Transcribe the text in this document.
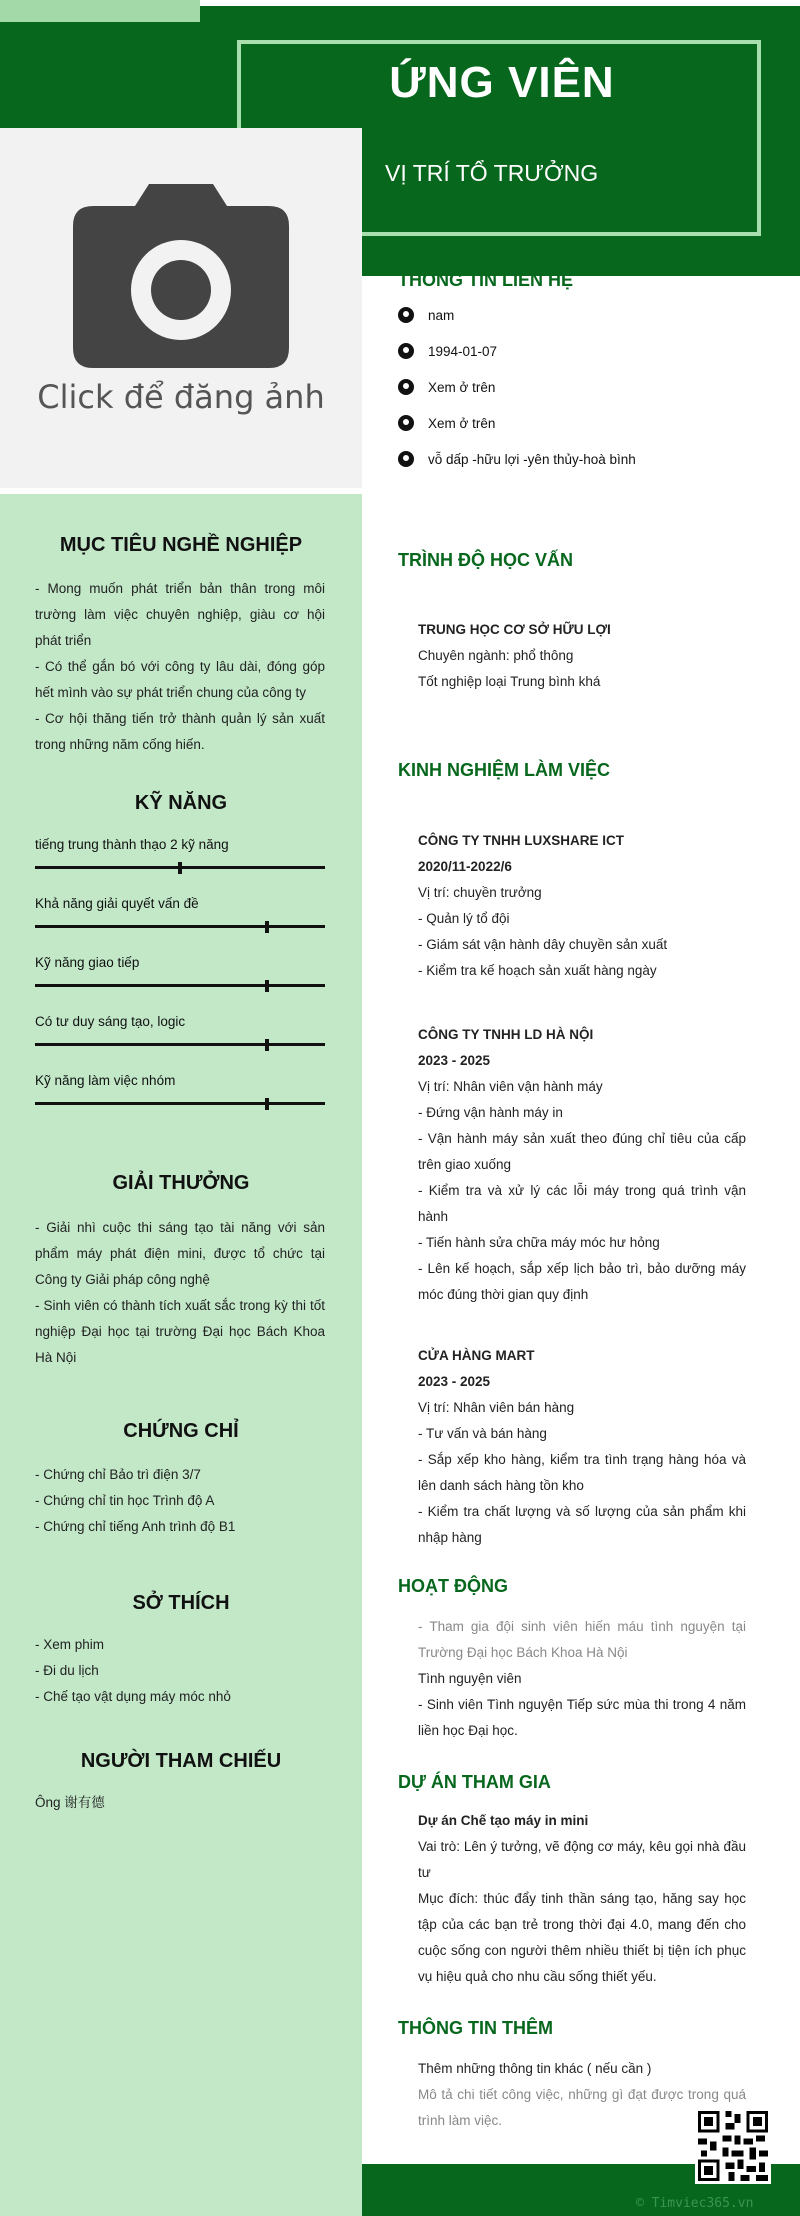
ỨNG VIÊN
VỊ TRÍ TỔ TRƯỞNG
Click để đăng ảnh
THÔNG TIN LIÊN HỆ
nam
1994-01-07
Xem ở trên
Xem ở trên
vỗ dấp -hữu lợi -yên thủy-hoà bình
MỤC TIÊU NGHỀ NGHIỆP
- Mong muốn phát triển bản thân trong môi trường làm việc chuyên nghiệp, giàu cơ hội phát triển
- Có thể gắn bó với công ty lâu dài, đóng góp hết mình vào sự phát triển chung của công ty
- Cơ hội thăng tiến trở thành quản lý sản xuất trong những năm cống hiến.
KỸ NĂNG
tiếng trung thành thạo 2 kỹ năng
Khả năng giải quyết vấn đề
Kỹ năng giao tiếp
Có tư duy sáng tạo, logic
Kỹ năng làm việc nhóm
GIẢI THƯỞNG
- Giải nhì cuộc thi sáng tạo tài năng với sản phẩm máy phát điện mini, được tổ chức tại Công ty Giải pháp công nghệ
- Sinh viên có thành tích xuất sắc trong kỳ thi tốt nghiệp Đại học tại trường Đại học Bách Khoa Hà Nội
CHỨNG CHỈ
- Chứng chỉ Bảo trì điện 3/7
- Chứng chỉ tin học Trình độ A
- Chứng chỉ tiếng Anh trình độ B1
SỞ THÍCH
- Xem phim
- Đi du lịch
- Chế tạo vật dụng máy móc nhỏ
NGƯỜI THAM CHIẾU
Ông 谢有德
TRÌNH ĐỘ HỌC VẤN
TRUNG HỌC CƠ SỞ HỮU LỢI
Chuyên ngành: phổ thông
Tốt nghiệp loại Trung bình khá
KINH NGHIỆM LÀM VIỆC
CÔNG TY TNHH LUXSHARE ICT
2020/11-2022/6
Vị trí: chuyền trưởng
- Quản lý tổ đội
- Giám sát vận hành dây chuyền sản xuất
- Kiểm tra kế hoạch sản xuất hàng ngày
CÔNG TY TNHH LD HÀ NỘI
2023 - 2025
Vị trí: Nhân viên vận hành máy
- Đứng vận hành máy in
- Vận hành máy sản xuất theo đúng chỉ tiêu của cấp trên giao xuống
- Kiểm tra và xử lý các lỗi máy trong quá trình vận hành
- Tiến hành sửa chữa máy móc hư hỏng
- Lên kế hoạch, sắp xếp lịch bảo trì, bảo dưỡng máy móc đúng thời gian quy định
CỬA HÀNG MART
2023 - 2025
Vị trí: Nhân viên bán hàng
- Tư vấn và bán hàng
- Sắp xếp kho hàng, kiểm tra tình trạng hàng hóa và lên danh sách hàng tồn kho
- Kiểm tra chất lượng và số lượng của sản phẩm khi nhập hàng
HOẠT ĐỘNG
- Tham gia đội sinh viên hiến máu tình nguyện tại Trường Đại học Bách Khoa Hà Nội
Tình nguyện viên
- Sinh viên Tình nguyện Tiếp sức mùa thi trong 4 năm liền học Đại học.
DỰ ÁN THAM GIA
Dự án Chế tạo máy in mini
Vai trò: Lên ý tưởng, vẽ động cơ máy, kêu gọi nhà đầu tư
Mục đích: thúc đẩy tinh thần sáng tạo, hăng say học tập của các bạn trẻ trong thời đại 4.0, mang đến cho cuộc sống con người thêm nhiều thiết bị tiện ích phục vụ hiệu quả cho nhu cầu sống thiết yếu.
THÔNG TIN THÊM
Thêm những thông tin khác ( nếu cần )
Mô tả chi tiết công việc, những gì đạt được trong quá trình làm việc.
© Timviec365.vn
